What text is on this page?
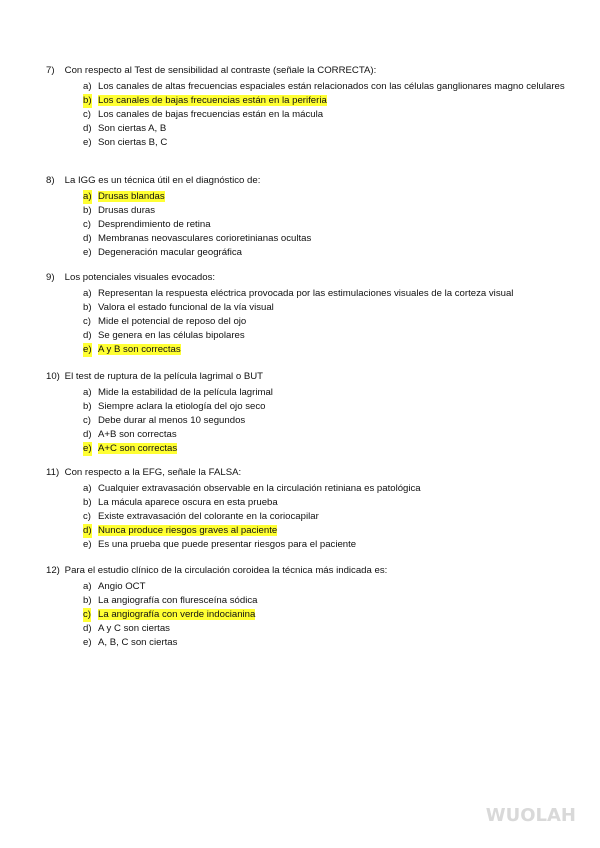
7) Con respecto al Test de sensibilidad al contraste (señale la CORRECTA):
a) Los canales de altas frecuencias espaciales están relacionados con las células ganglionares magno celulares
b) Los canales de bajas frecuencias están en la periferia
c) Los canales de bajas frecuencias están en la mácula
d) Son ciertas A, B
e) Son ciertas B, C
8) La IGG es un técnica útil en el diagnóstico de:
a) Drusas blandas
b) Drusas duras
c) Desprendimiento de retina
d) Membranas neovasculares corioretinianas ocultas
e) Degeneración macular geográfica
9) Los potenciales visuales evocados:
a) Representan la respuesta eléctrica provocada por las estimulaciones visuales de la corteza visual
b) Valora el estado funcional de la vía visual
c) Mide el potencial de reposo del ojo
d) Se genera en las células bipolares
e) A y B son correctas
10) El test de ruptura de la película lagrimal o BUT
a) Mide la estabilidad de la película lagrimal
b) Siempre aclara la etiología del ojo seco
c) Debe durar al menos 10 segundos
d) A+B son correctas
e) A+C son correctas
11) Con respecto a la EFG, señale la FALSA:
a) Cualquier extravasación observable en la circulación retiniana es patológica
b) La mácula aparece oscura en esta prueba
c) Existe extravasación del colorante en la coriocapilar
d) Nunca produce riesgos graves al paciente
e) Es una prueba que puede presentar riesgos para el paciente
12) Para el estudio clínico de la circulación coroidea la técnica más indicada es:
a) Angio OCT
b) La angiografía con fluresceína sódica
c) La angiografía con verde indocianina
d) A y C son ciertas
e) A, B, C son ciertas
WUOLAH
